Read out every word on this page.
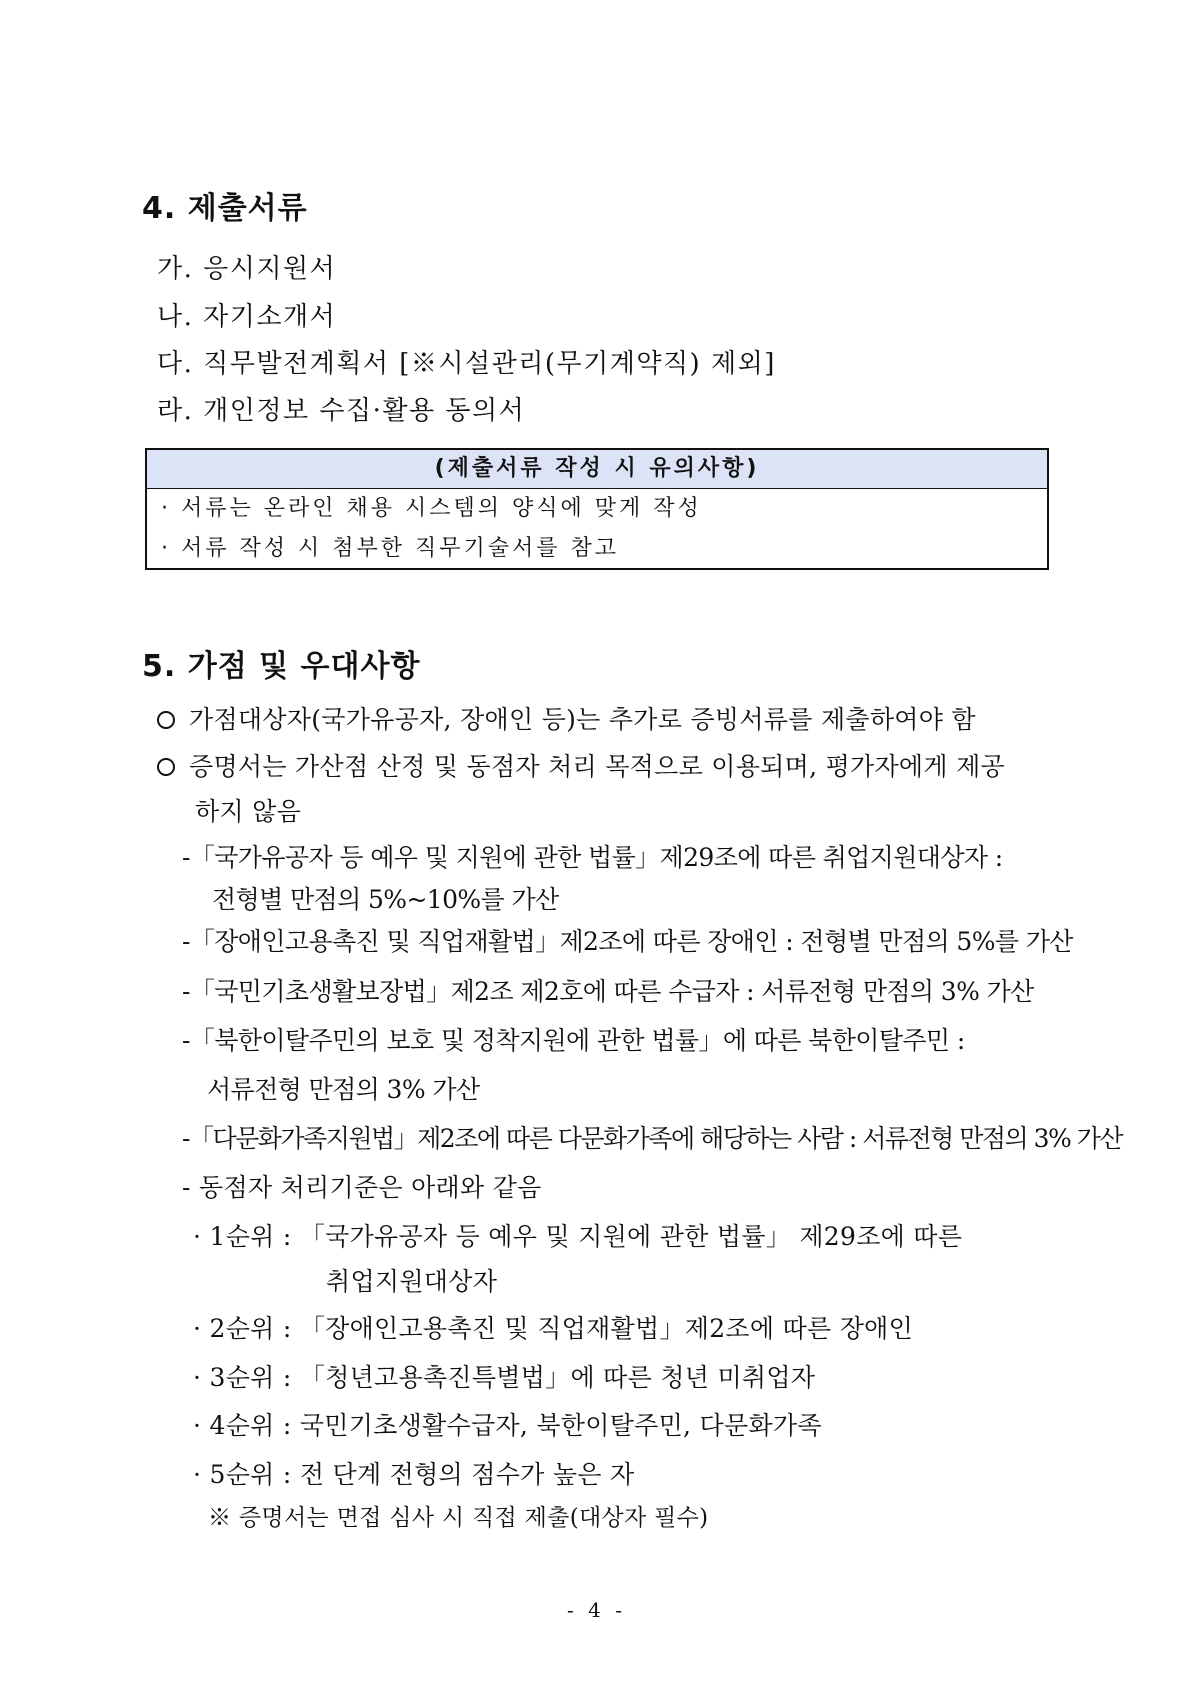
4. 제출서류
가. 응시지원서
나. 자기소개서
다. 직무발전계획서 [※시설관리(무기계약직) 제외]
라. 개인정보 수집·활용 동의서
(제출서류 작성 시 유의사항)
· 서류는 온라인 채용 시스템의 양식에 맞게 작성
· 서류 작성 시 첨부한 직무기술서를 참고
5. 가점 및 우대사항
가점대상자(국가유공자, 장애인 등)는 추가로 증빙서류를 제출하여야 함
증명서는 가산점 산정 및 동점자 처리 목적으로 이용되며, 평가자에게 제공
하지 않음
-「국가유공자 등 예우 및 지원에 관한 법률」제29조에 따른 취업지원대상자 :
전형별 만점의 5%~10%를 가산
-「장애인고용촉진 및 직업재활법」제2조에 따른 장애인 : 전형별 만점의 5%를 가산
-「국민기초생활보장법」제2조 제2호에 따른 수급자 : 서류전형 만점의 3% 가산
-「북한이탈주민의 보호 및 정착지원에 관한 법률」에 따른 북한이탈주민 :
서류전형 만점의 3% 가산
-「다문화가족지원법」제2조에 따른 다문화가족에 해당하는 사람 : 서류전형 만점의 3% 가산
- 동점자 처리기준은 아래와 같음
· 1순위 : 「국가유공자 등 예우 및 지원에 관한 법률」 제29조에 따른
취업지원대상자
· 2순위 : 「장애인고용촉진 및 직업재활법」제2조에 따른 장애인
· 3순위 : 「청년고용촉진특별법」에 따른 청년 미취업자
· 4순위 : 국민기초생활수급자, 북한이탈주민, 다문화가족
· 5순위 : 전 단계 전형의 점수가 높은 자
※ 증명서는 면접 심사 시 직접 제출(대상자 필수)
- 4 -
